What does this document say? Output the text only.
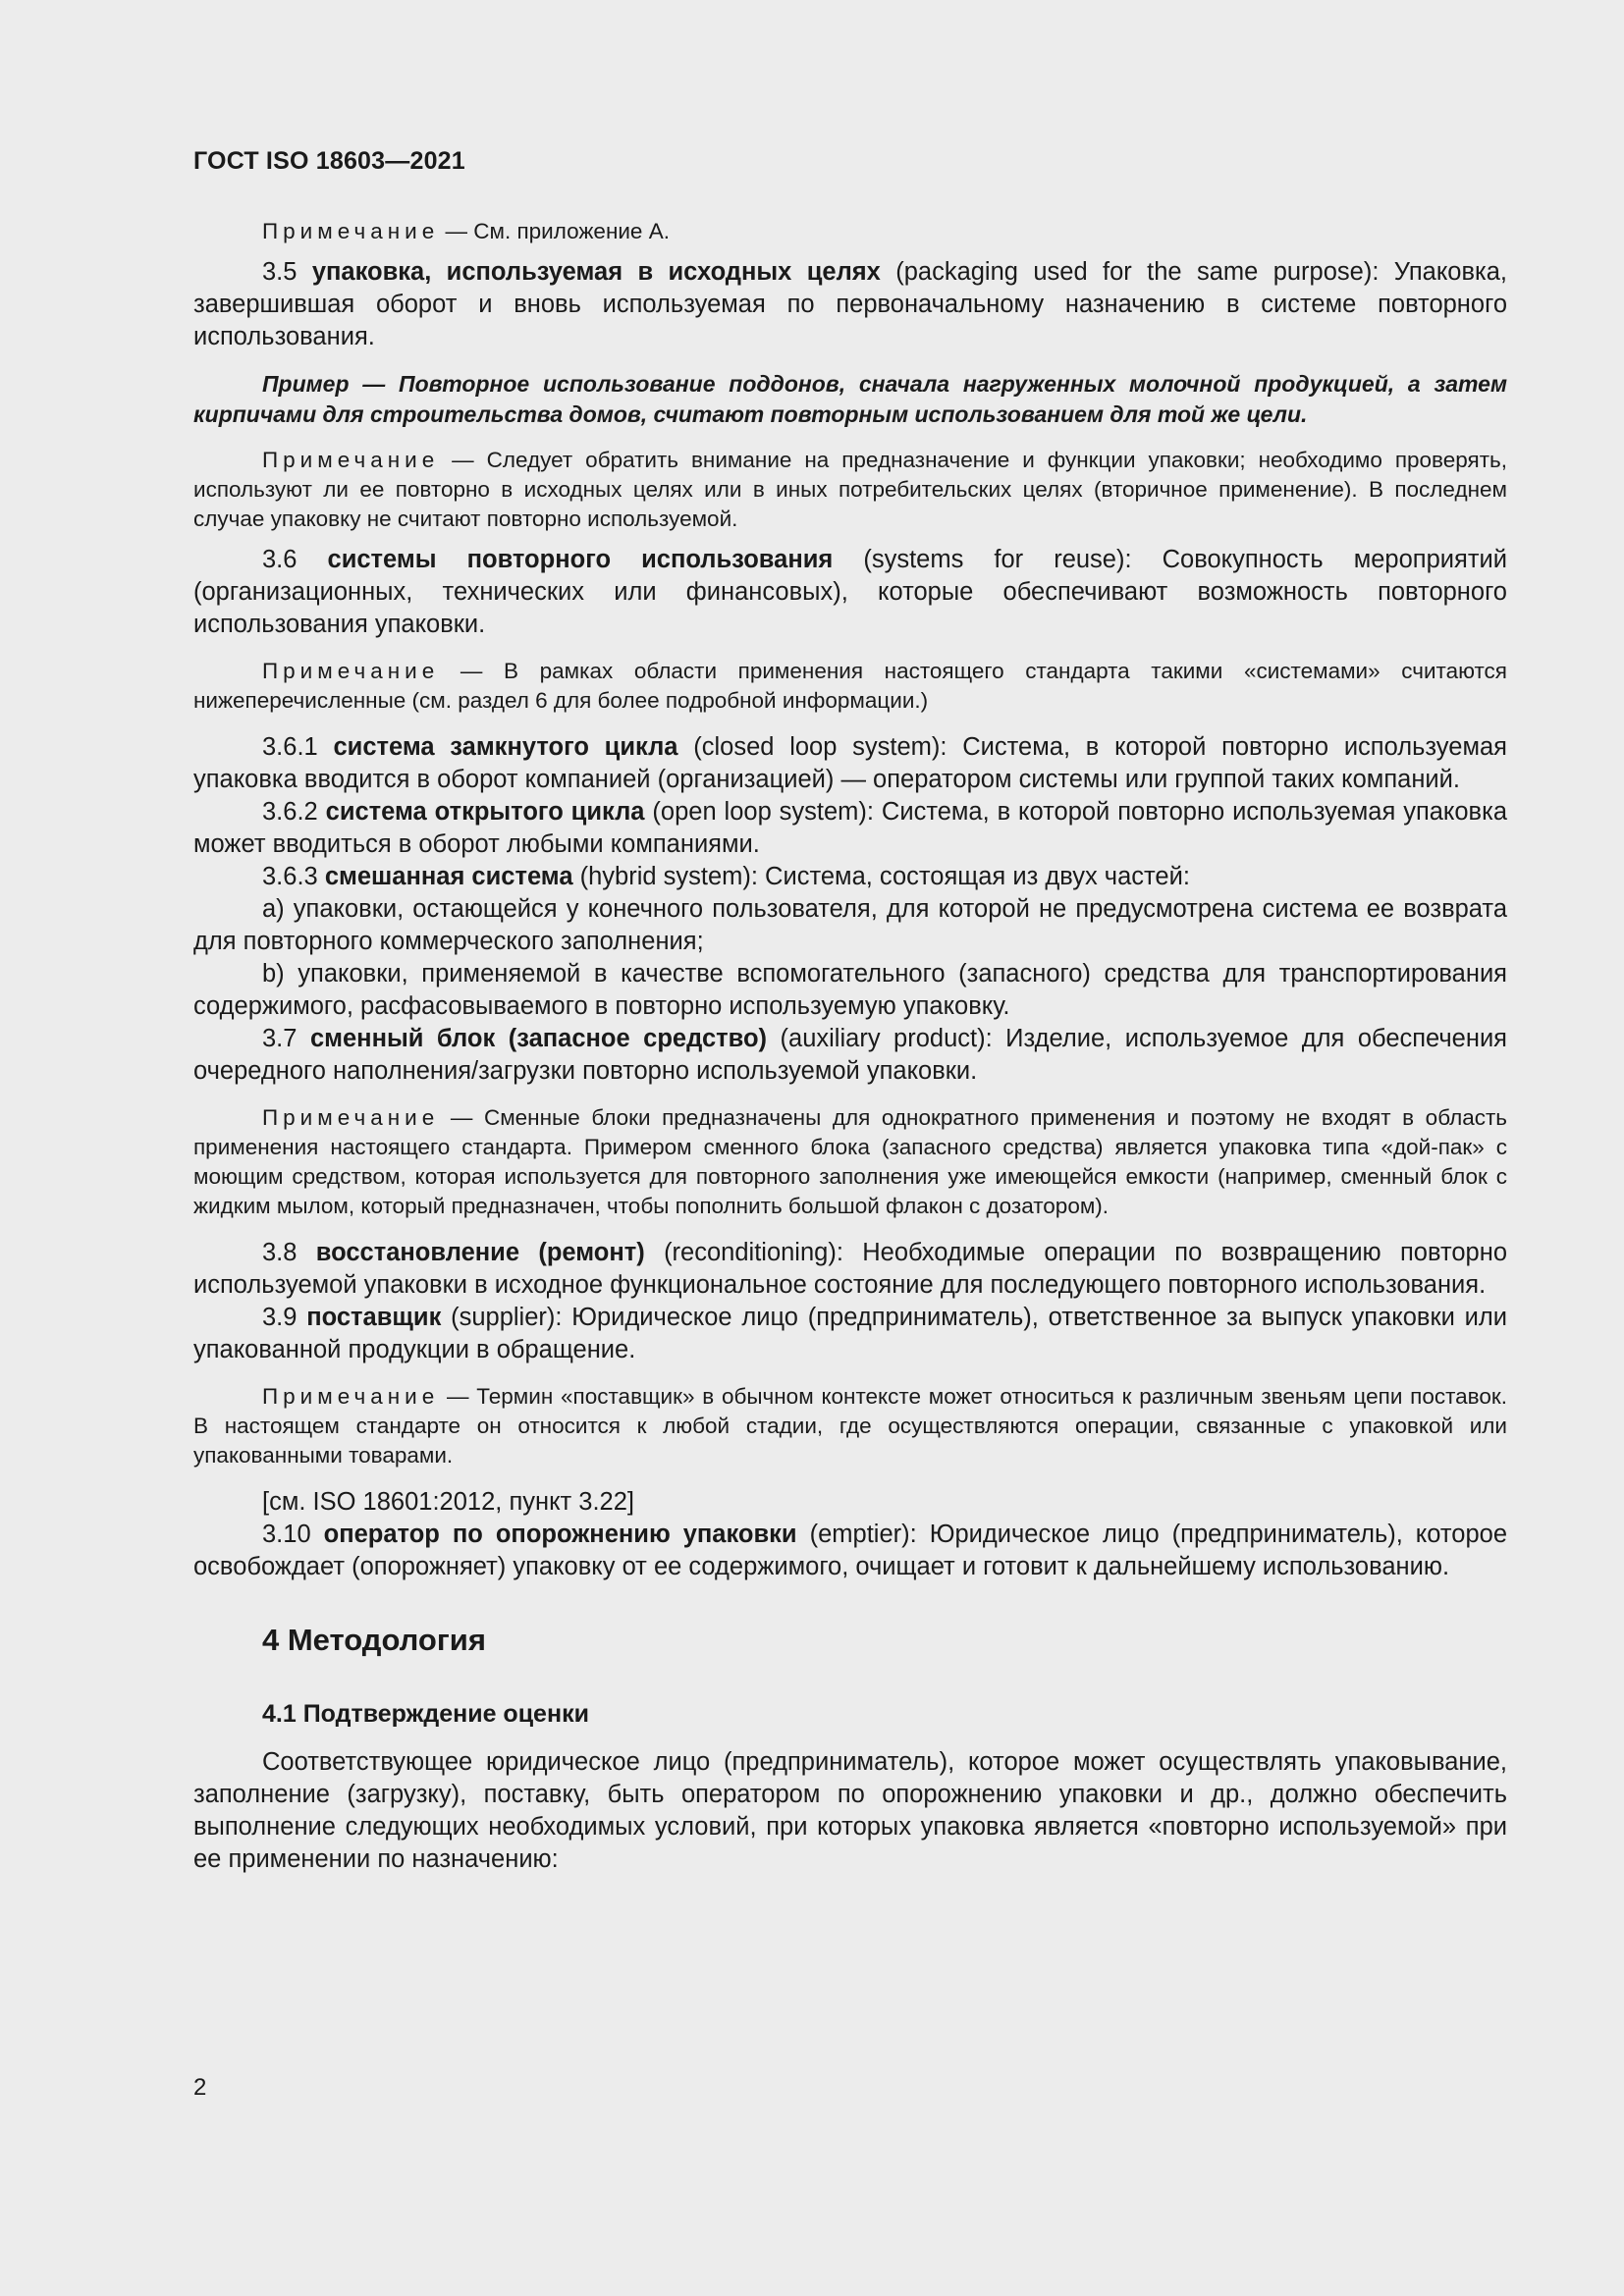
ГОСТ ISO 18603—2021

Примечание — См. приложение А.

3.5 упаковка, используемая в исходных целях (packaging used for the same purpose): Упаковка, завершившая оборот и вновь используемая по первоначальному назначению в системе повторного использования.

Пример — Повторное использование поддонов, сначала нагруженных молочной продукцией, а затем кирпичами для строительства домов, считают повторным использованием для той же цели.

Примечание — Следует обратить внимание на предназначение и функции упаковки; необходимо проверять, используют ли ее повторно в исходных целях или в иных потребительских целях (вторичное применение). В последнем случае упаковку не считают повторно используемой.

3.6 системы повторного использования (systems for reuse): Совокупность мероприятий (организационных, технических или финансовых), которые обеспечивают возможность повторного использования упаковки.

Примечание — В рамках области применения настоящего стандарта такими «системами» считаются нижеперечисленные (см. раздел 6 для более подробной информации.)

3.6.1 система замкнутого цикла (closed loop system): Система, в которой повторно используемая упаковка вводится в оборот компанией (организацией) — оператором системы или группой таких компаний.

3.6.2 система открытого цикла (open loop system): Система, в которой повторно используемая упаковка может вводиться в оборот любыми компаниями.

3.6.3 смешанная система (hybrid system): Система, состоящая из двух частей:

a) упаковки, остающейся у конечного пользователя, для которой не предусмотрена система ее возврата для повторного коммерческого заполнения;

b) упаковки, применяемой в качестве вспомогательного (запасного) средства для транспортирования содержимого, расфасовываемого в повторно используемую упаковку.

3.7 сменный блок (запасное средство) (auxiliary product): Изделие, используемое для обеспечения очередного наполнения/загрузки повторно используемой упаковки.

Примечание — Сменные блоки предназначены для однократного применения и поэтому не входят в область применения настоящего стандарта. Примером сменного блока (запасного средства) является упаковка типа «дой-пак» с моющим средством, которая используется для повторного заполнения уже имеющейся емкости (например, сменный блок с жидким мылом, который предназначен, чтобы пополнить большой флакон с дозатором).

3.8 восстановление (ремонт) (reconditioning): Необходимые операции по возвращению повторно используемой упаковки в исходное функциональное состояние для последующего повторного использования.

3.9 поставщик (supplier): Юридическое лицо (предприниматель), ответственное за выпуск упаковки или упакованной продукции в обращение.

Примечание — Термин «поставщик» в обычном контексте может относиться к различным звеньям цепи поставок. В настоящем стандарте он относится к любой стадии, где осуществляются операции, связанные с упаковкой или упакованными товарами.

[см. ISO 18601:2012, пункт 3.22]

3.10 оператор по опорожнению упаковки (emptier): Юридическое лицо (предприниматель), которое освобождает (опорожняет) упаковку от ее содержимого, очищает и готовит к дальнейшему использованию.

4 Методология
4.1 Подтверждение оценки

Соответствующее юридическое лицо (предприниматель), которое может осуществлять упаковывание, заполнение (загрузку), поставку, быть оператором по опорожнению упаковки и др., должно обеспечить выполнение следующих необходимых условий, при которых упаковка является «повторно используемой» при ее применении по назначению:

2
